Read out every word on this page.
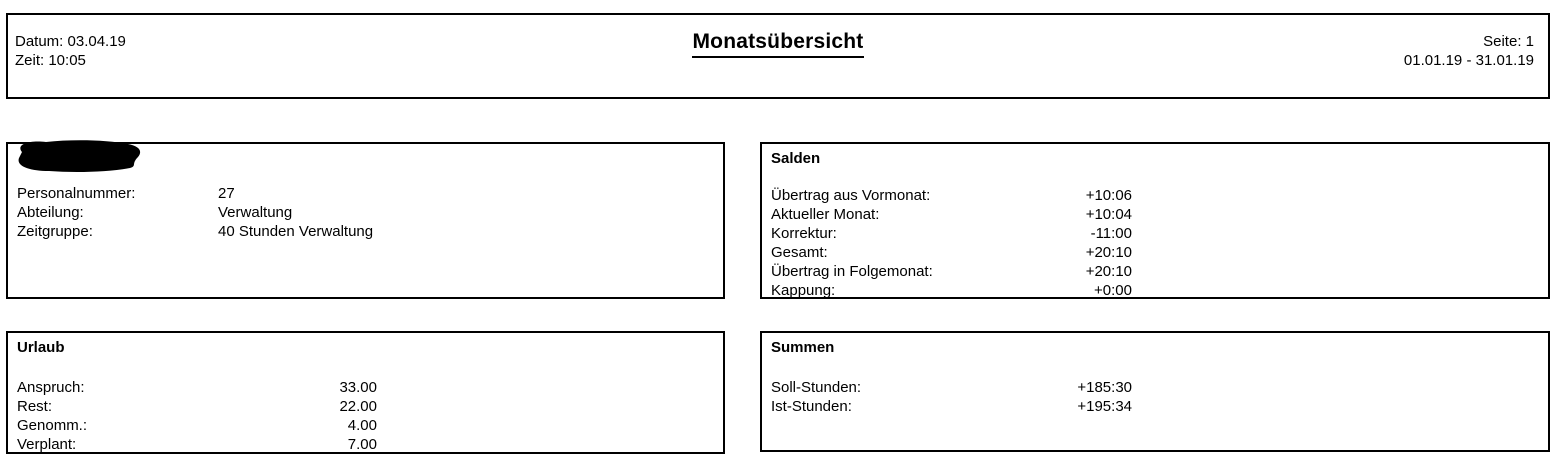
Datum: 03.04.19
Zeit: 10:05
Monatsübersicht	Seite: 1
01.01.19 - 31.01.19
Personalnummer:	27
Abteilung:	Verwaltung
Zeitgruppe:	40 Stunden Verwaltung
Salden
Übertrag aus Vormonat:	+10:06
Aktueller Monat:	+10:04
Korrektur:	-11:00
Gesamt:	+20:10
Übertrag in Folgemonat:	+20:10
Kappung:	+0:00
Urlaub
Anspruch:	33.00
Rest:	22.00
Genomm.:	4.00
Verplant:	7.00
Summen
Soll-Stunden:	+185:30
Ist-Stunden:	+195:34
